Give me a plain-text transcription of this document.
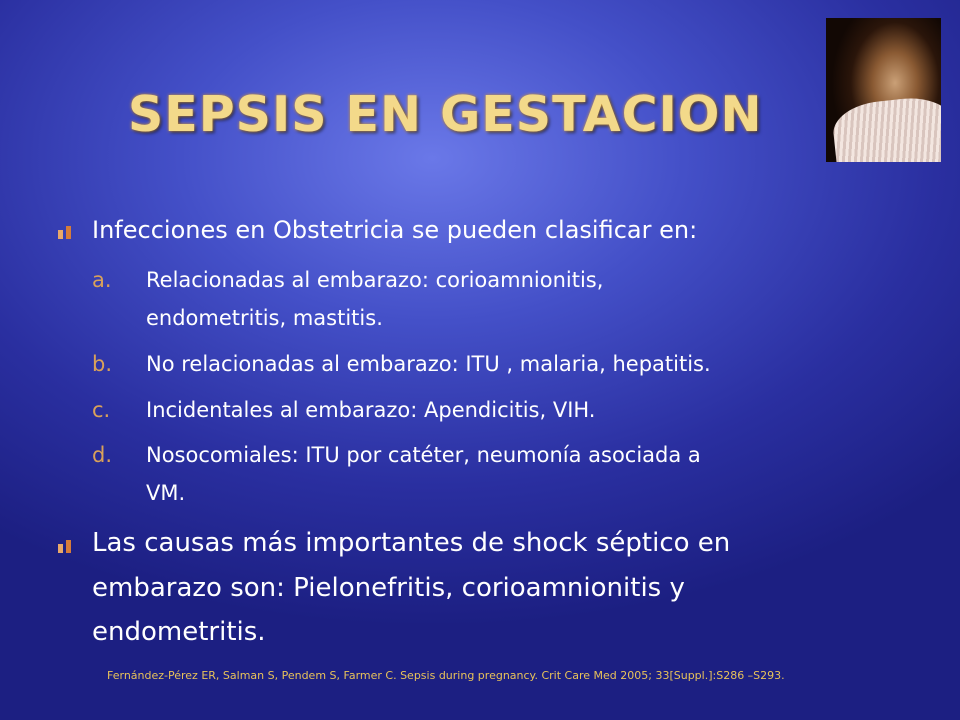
SEPSIS EN GESTACION
Infecciones en Obstetricia se pueden clasificar en:
a. Relacionadas al embarazo: corioamnionitis,
endometritis, mastitis.
b. No relacionadas al embarazo: ITU , malaria, hepatitis.
c. Incidentales al embarazo: Apendicitis, VIH.
d. Nosocomiales: ITU por catéter, neumonía asociada a
VM.
Las causas más importantes de shock séptico en
embarazo son: Pielonefritis, corioamnionitis y
endometritis.
Fernández-Pérez ER, Salman S, Pendem S, Farmer C. Sepsis during pregnancy. Crit Care Med 2005; 33[Suppl.]:S286 –S293.
